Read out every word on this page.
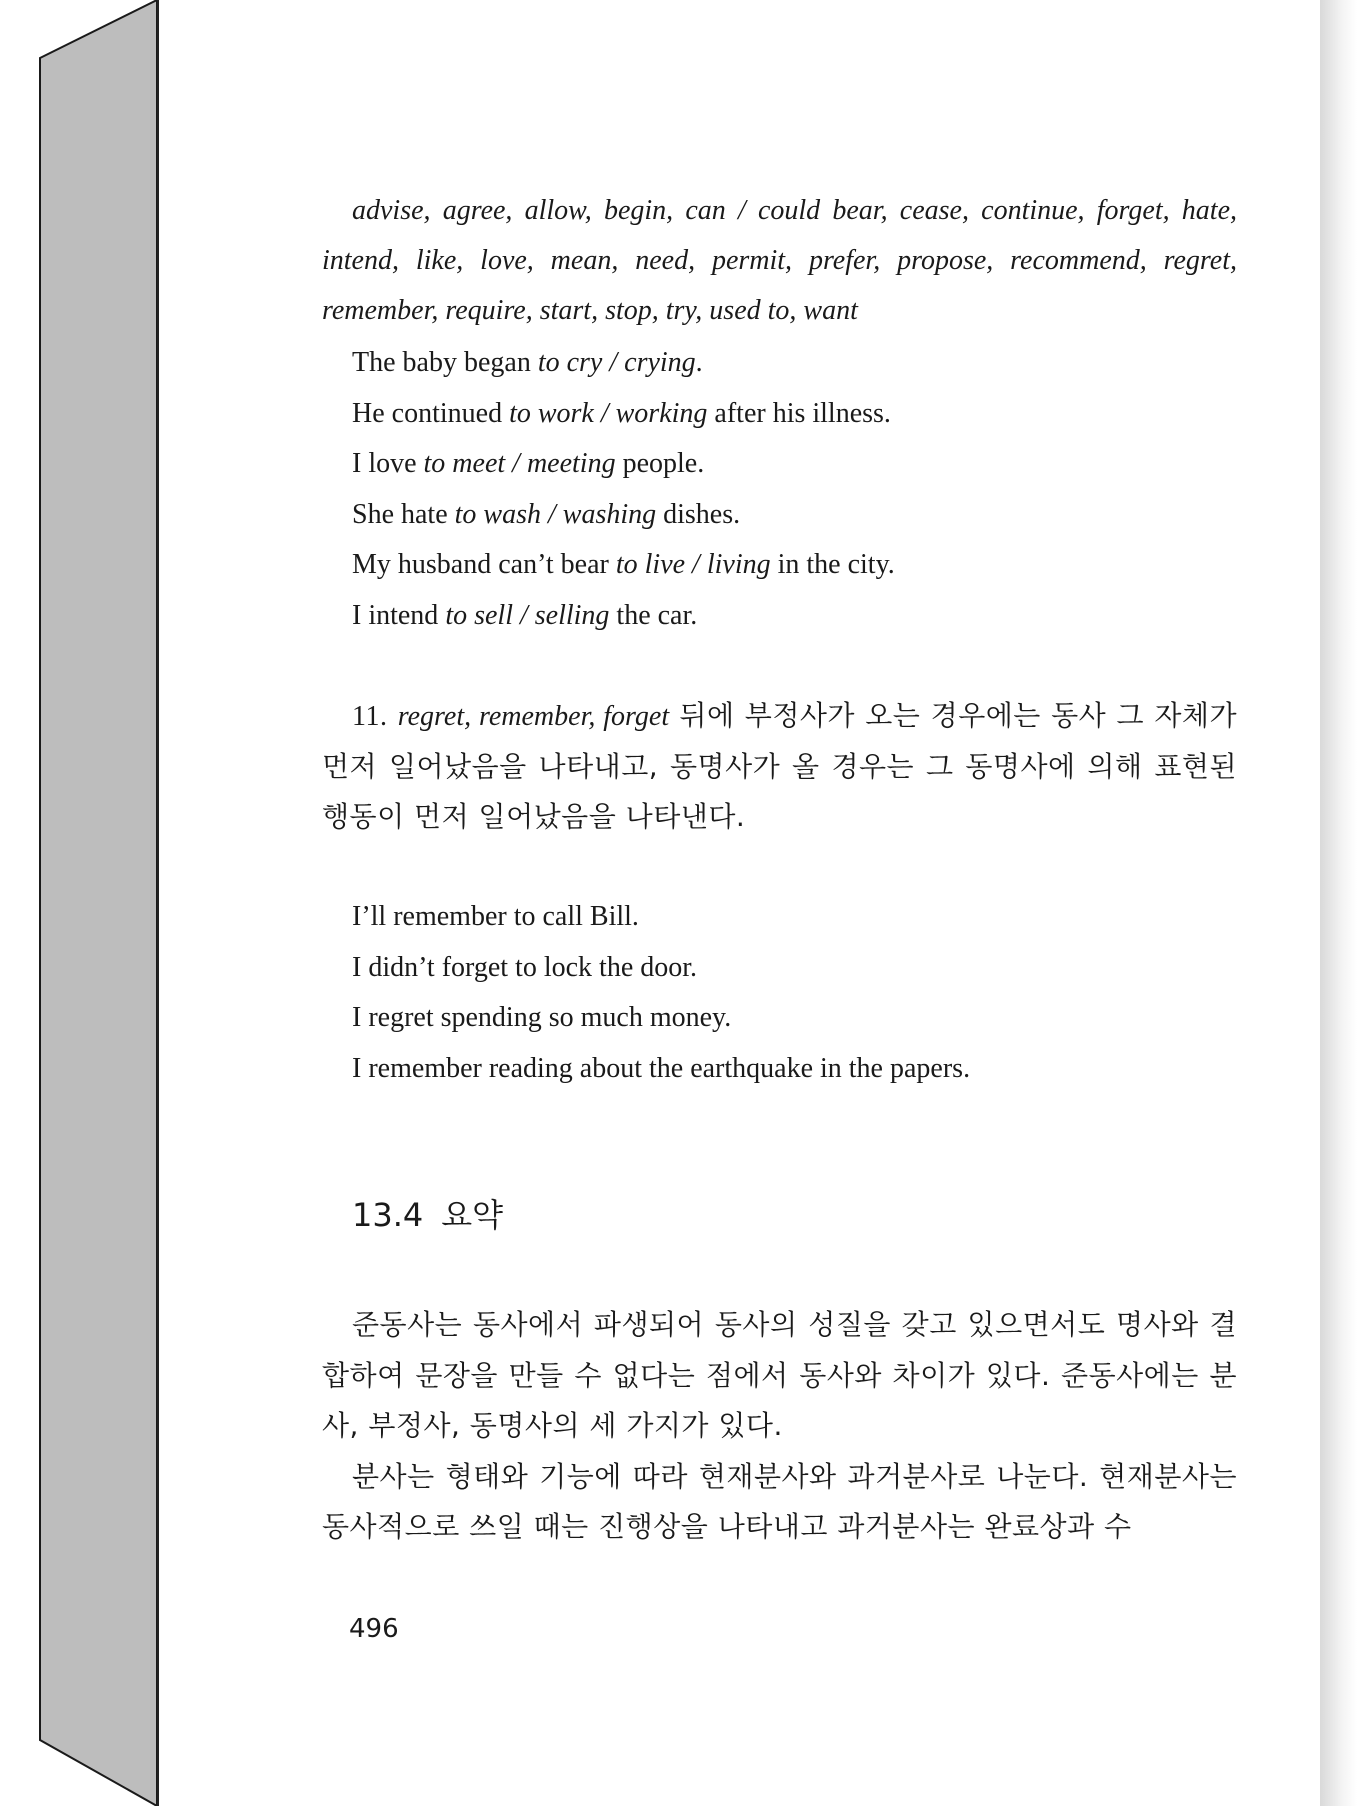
advise, agree, allow, begin, can / could bear, cease, continue, forget, hate, intend, like, love, mean, need, permit, prefer, propose, recommend, regret, remember, require, start, stop, try, used to, want

The baby began to cry / crying.
He continued to work / working after his illness.
I love to meet / meeting people.
She hate to wash / washing dishes.
My husband can’t bear to live / living in the city.
I intend to sell / selling the car.

11. regret, remember, forget 뒤에 부정사가 오는 경우에는 동사 그 자체가 먼저 일어났음을 나타내고, 동명사가 올 경우는 그 동명사에 의해 표현된 행동이 먼저 일어났음을 나타낸다.

I’ll remember to call Bill.
I didn’t forget to lock the door.
I regret spending so much money.
I remember reading about the earthquake in the papers.
13.4 요약

준동사는 동사에서 파생되어 동사의 성질을 갖고 있으면서도 명사와 결합하여 문장을 만들 수 없다는 점에서 동사와 차이가 있다. 준동사에는 분사, 부정사, 동명사의 세 가지가 있다.

분사는 형태와 기능에 따라 현재분사와 과거분사로 나눈다. 현재분사는 동사적으로 쓰일 때는 진행상을 나타내고 과거분사는 완료상과 수

496
